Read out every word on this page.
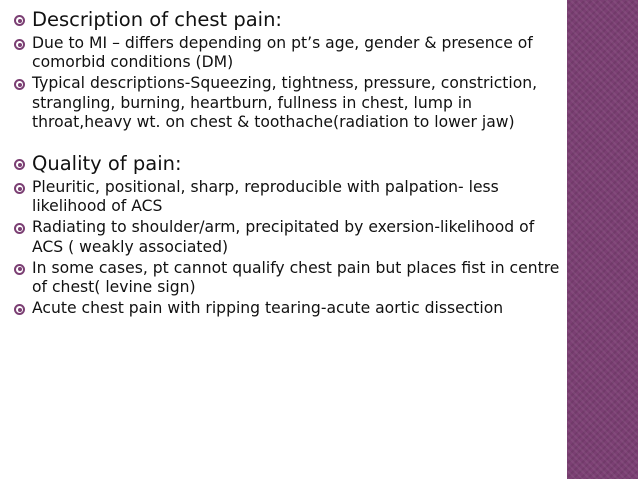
Description of chest pain:
Due to MI – differs depending on pt’s age, gender & presence of comorbid conditions (DM)
Typical descriptions-Squeezing, tightness, pressure, constriction, strangling, burning, heartburn, fullness in chest, lump in throat,heavy wt. on chest & toothache(radiation to lower jaw)
Quality of pain:
Pleuritic, positional, sharp, reproducible with palpation- less likelihood of ACS
Radiating to shoulder/arm, precipitated by exersion-likelihood of ACS ( weakly associated)
In some cases, pt cannot qualify chest pain but places fist in centre of chest( levine sign)
Acute chest pain with ripping tearing-acute aortic dissection
